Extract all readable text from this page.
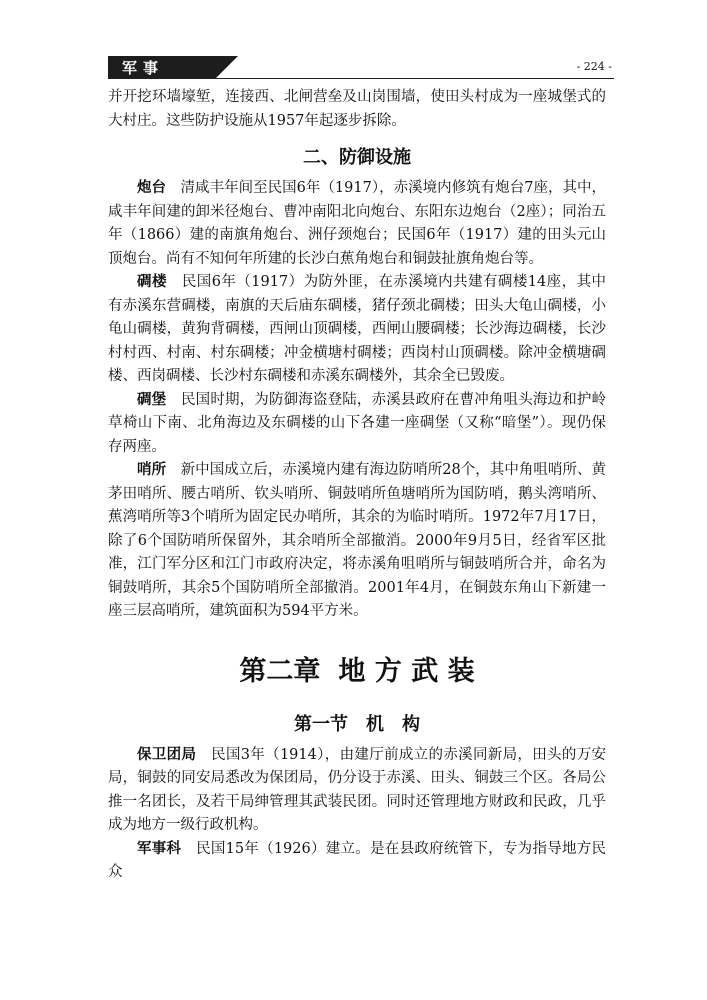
军事	- 224 -

并开挖环墙壕堑，连接西、北闸营垒及山岗围墙，使田头村成为一座城堡式的大村庄。这些防护设施从1957年起逐步拆除。

二、防御设施

炮台　 清咸丰年间至民国6年（1917），赤溪境内修筑有炮台7座，其中，咸丰年间建的卸米径炮台、曹冲南阳北向炮台、东阳东边炮台（2座）；同治五年（1866）建的南旗角炮台、洲仔颈炮台；民国6年（1917）建的田头元山顶炮台。尚有不知何年所建的长沙白蕉角炮台和铜鼓扯旗角炮台等。

碉楼　 民国6年（1917）为防外匪，在赤溪境内共建有碉楼14座，其中有赤溪东营碉楼，南旗的天后庙东碉楼，猪仔颈北碉楼；田头大龟山碉楼，小龟山碉楼，黄狗背碉楼，西闸山顶碉楼，西闸山腰碉楼；长沙海边碉楼，长沙村村西、村南、村东碉楼；冲金横塘村碉楼；西岗村山顶碉楼。除冲金横塘碉楼、西岗碉楼、长沙村东碉楼和赤溪东碉楼外，其余全已毁废。

碉堡　 民国时期，为防御海盗登陆，赤溪县政府在曹冲角咀头海边和护岭草椅山下南、北角海边及东碉楼的山下各建一座碉堡（又称“暗堡”）。现仍保存两座。

哨所　 新中国成立后，赤溪境内建有海边防哨所28个，其中角咀哨所、黄茅田哨所、腰古哨所、钦头哨所、铜鼓哨所鱼塘哨所为国防哨，鹅头湾哨所、蕉湾哨所等3个哨所为固定民办哨所，其余的为临时哨所。1972年7月17日，除了6个国防哨所保留外，其余哨所全部撤消。2000年9月5日，经省军区批准，江门军分区和江门市政府决定，将赤溪角咀哨所与铜鼓哨所合并，命名为铜鼓哨所，其余5个国防哨所全部撤消。2001年4月，在铜鼓东角山下新建一座三层高哨所，建筑面积为594平方米。

第二章 地 方 武 装
第一节 机　构

保卫团局　 民国3年（1914），由建厅前成立的赤溪同新局，田头的万安局，铜鼓的同安局悉改为保团局，仍分设于赤溪、田头、铜鼓三个区。各局公推一名团长，及若干局绅管理其武装民团。同时还管理地方财政和民政，几乎成为地方一级行政机构。

军事科　 民国15年（1926）建立。是在县政府统管下，专为指导地方民众
